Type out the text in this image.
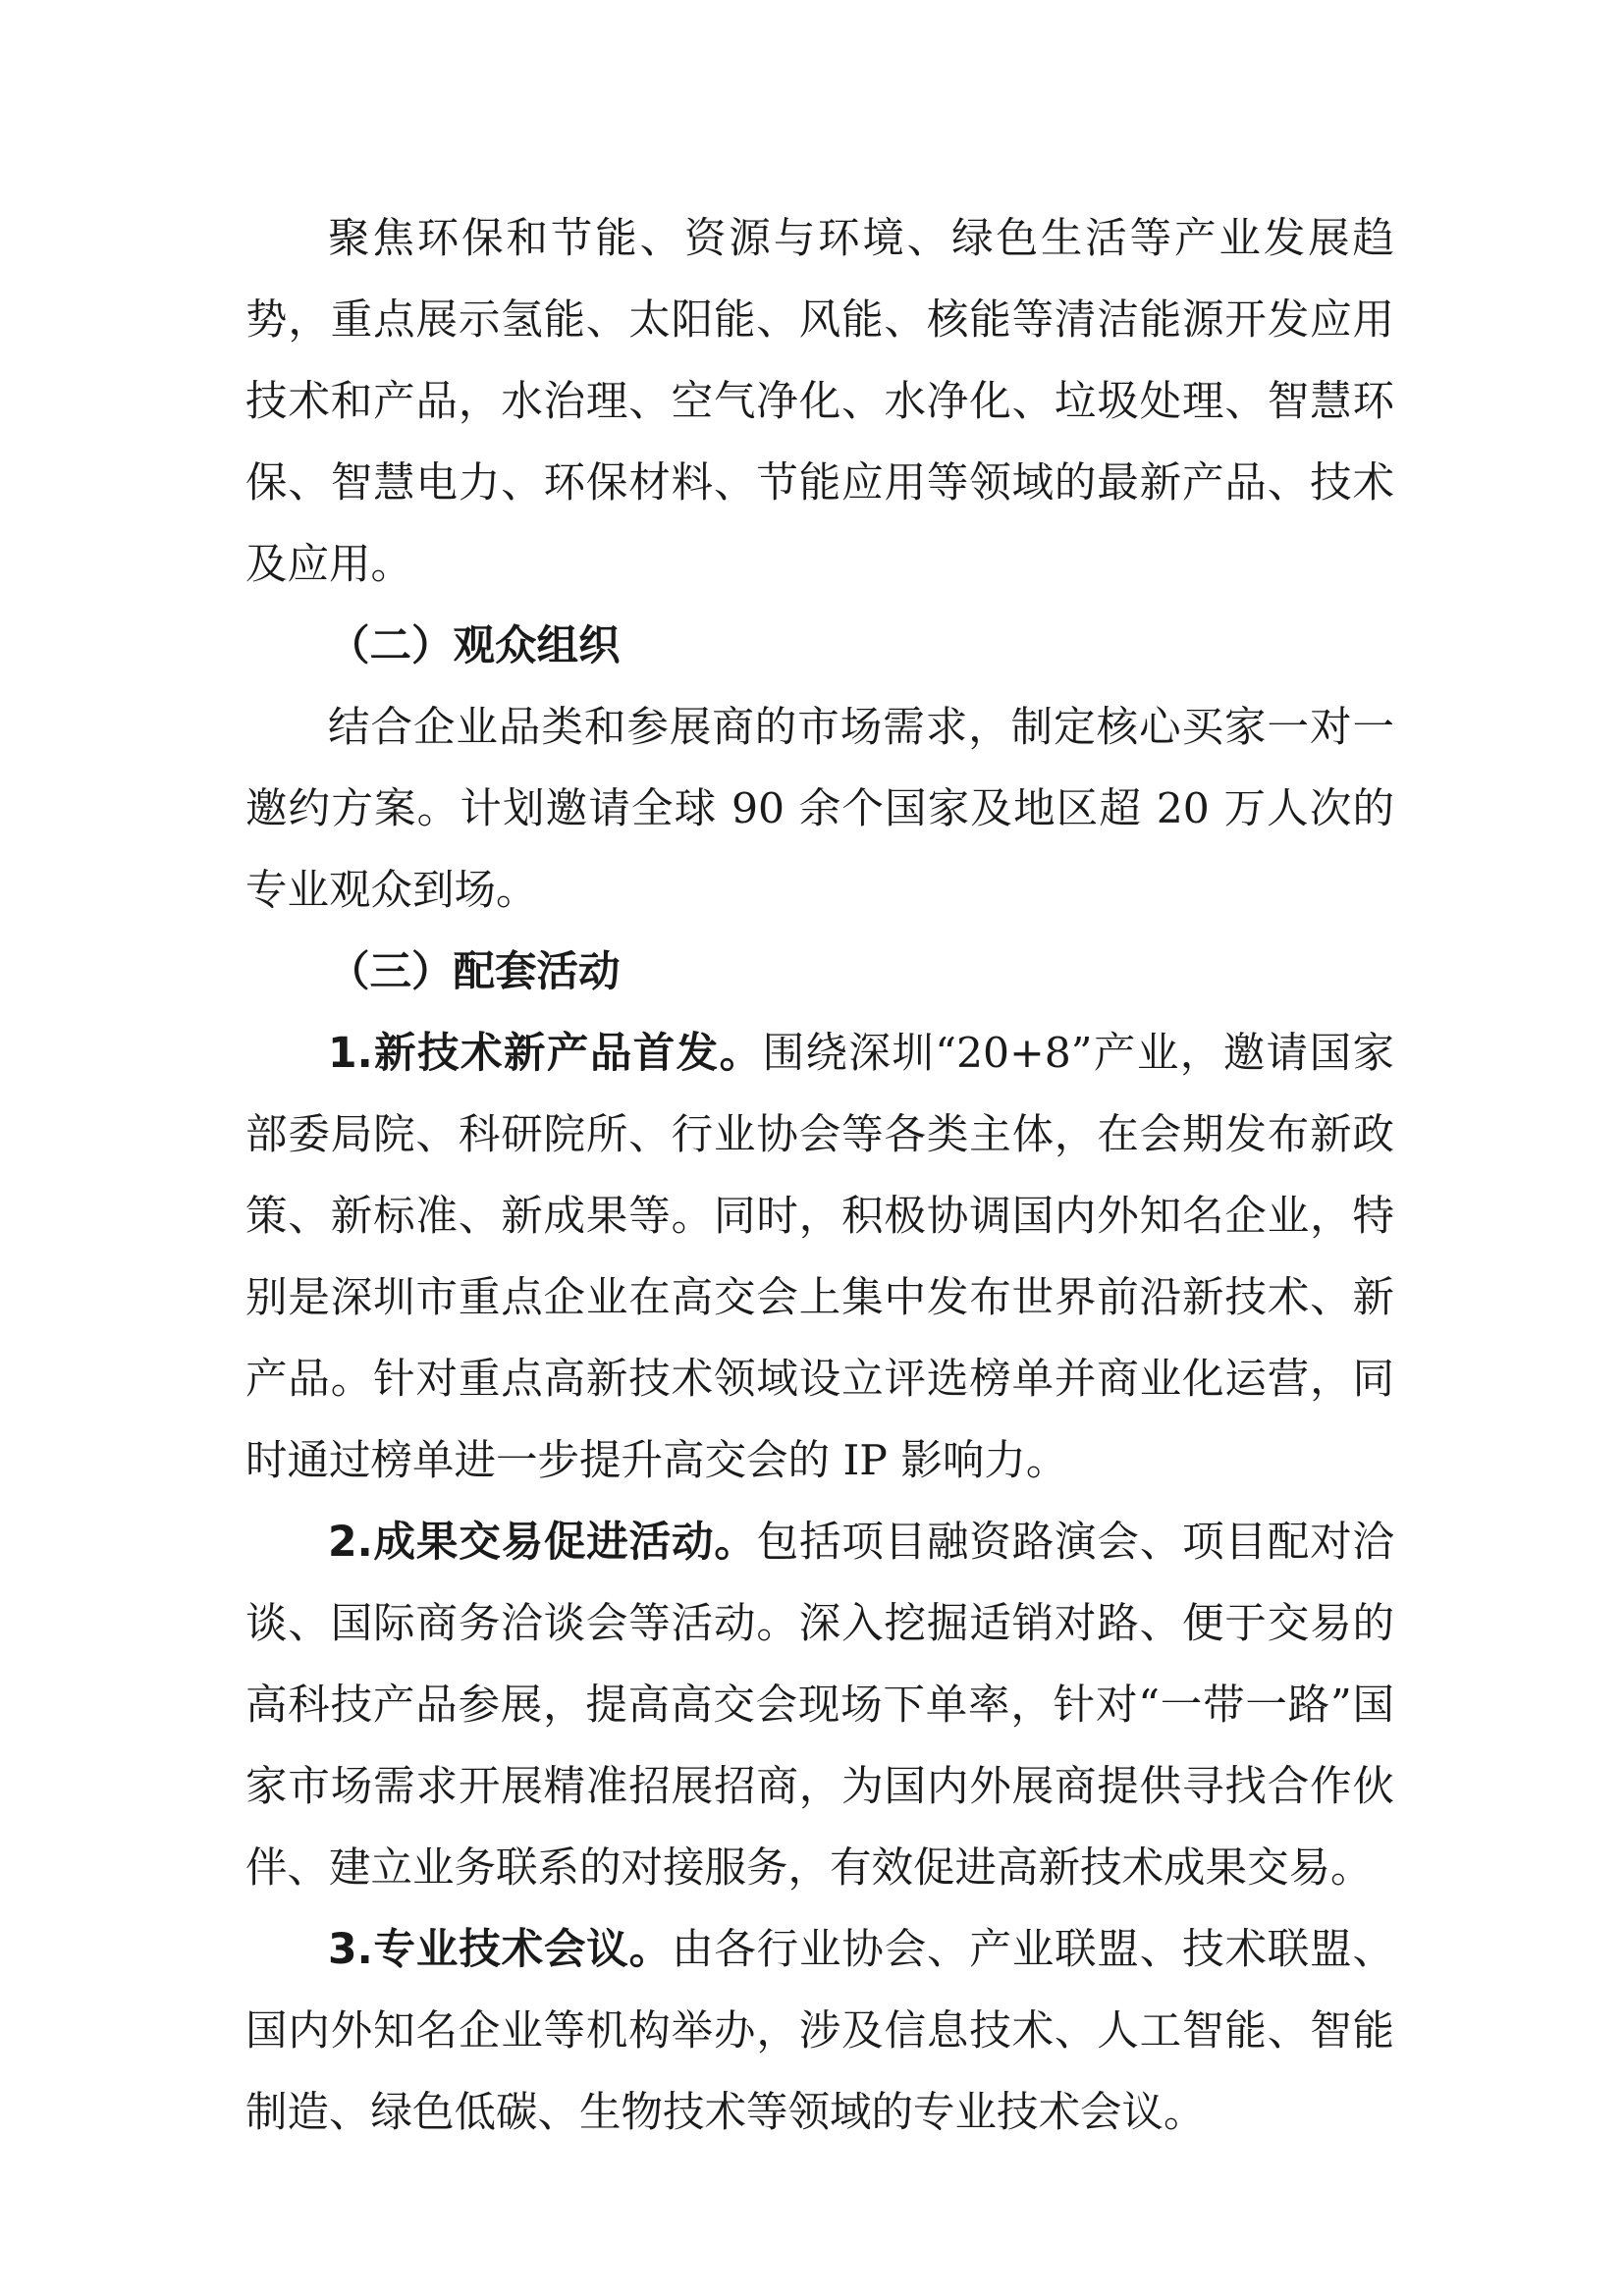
聚焦环保和节能、资源与环境、绿色生活等产业发展趋势，重点展示氢能、太阳能、风能、核能等清洁能源开发应用技术和产品，水治理、空气净化、水净化、垃圾处理、智慧环保、智慧电力、环保材料、节能应用等领域的最新产品、技术及应用。

（二）观众组织

结合企业品类和参展商的市场需求，制定核心买家一对一邀约方案。计划邀请全球 90 余个国家及地区超 20 万人次的专业观众到场。

（三）配套活动

1.新技术新产品首发。围绕深圳“20+8”产业，邀请国家部委局院、科研院所、行业协会等各类主体，在会期发布新政策、新标准、新成果等。同时，积极协调国内外知名企业，特别是深圳市重点企业在高交会上集中发布世界前沿新技术、新产品。针对重点高新技术领域设立评选榜单并商业化运营，同时通过榜单进一步提升高交会的 IP 影响力。

2.成果交易促进活动。包括项目融资路演会、项目配对洽谈、国际商务洽谈会等活动。深入挖掘适销对路、便于交易的高科技产品参展，提高高交会现场下单率，针对“一带一路”国家市场需求开展精准招展招商，为国内外展商提供寻找合作伙伴、建立业务联系的对接服务，有效促进高新技术成果交易。

3.专业技术会议。由各行业协会、产业联盟、技术联盟、国内外知名企业等机构举办，涉及信息技术、人工智能、智能制造、绿色低碳、生物技术等领域的专业技术会议。
